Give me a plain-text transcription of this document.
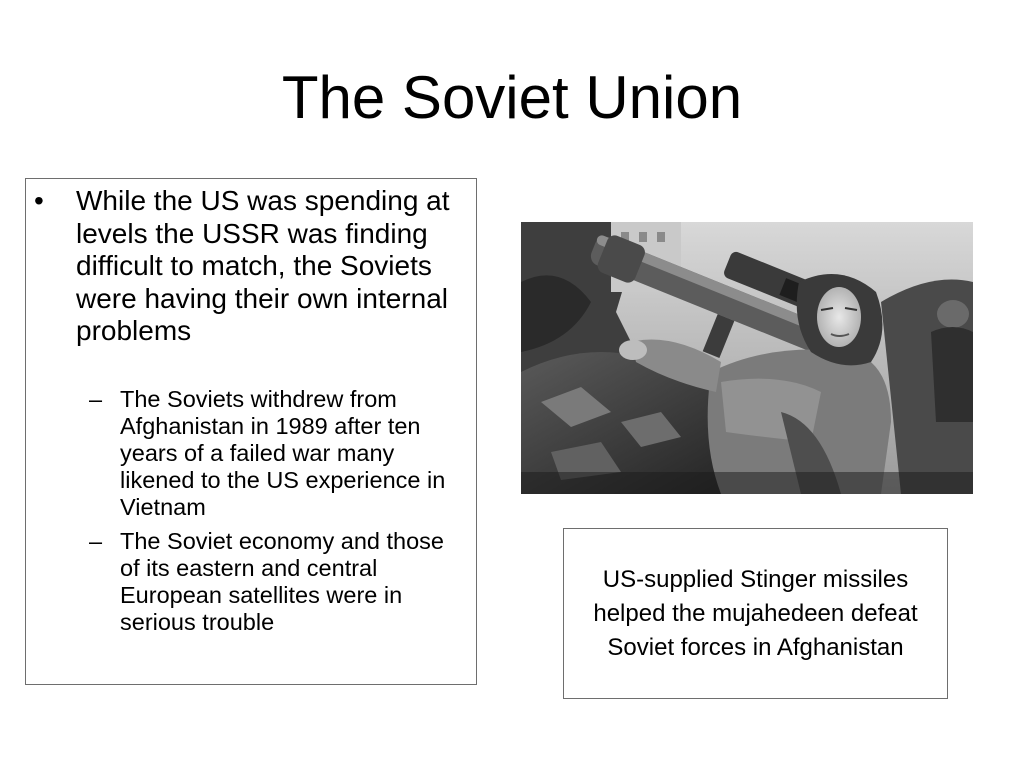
The Soviet Union
•	While the US was spending at levels the USSR was finding difficult to match, the Soviets were having their own internal problems
– The Soviets withdrew from Afghanistan in 1989 after ten years of a failed war many likened to the US experience in Vietnam
– The Soviet economy and those of its eastern and central European satellites were in serious trouble
US-supplied Stinger missiles helped the mujahedeen defeat Soviet forces in Afghanistan
